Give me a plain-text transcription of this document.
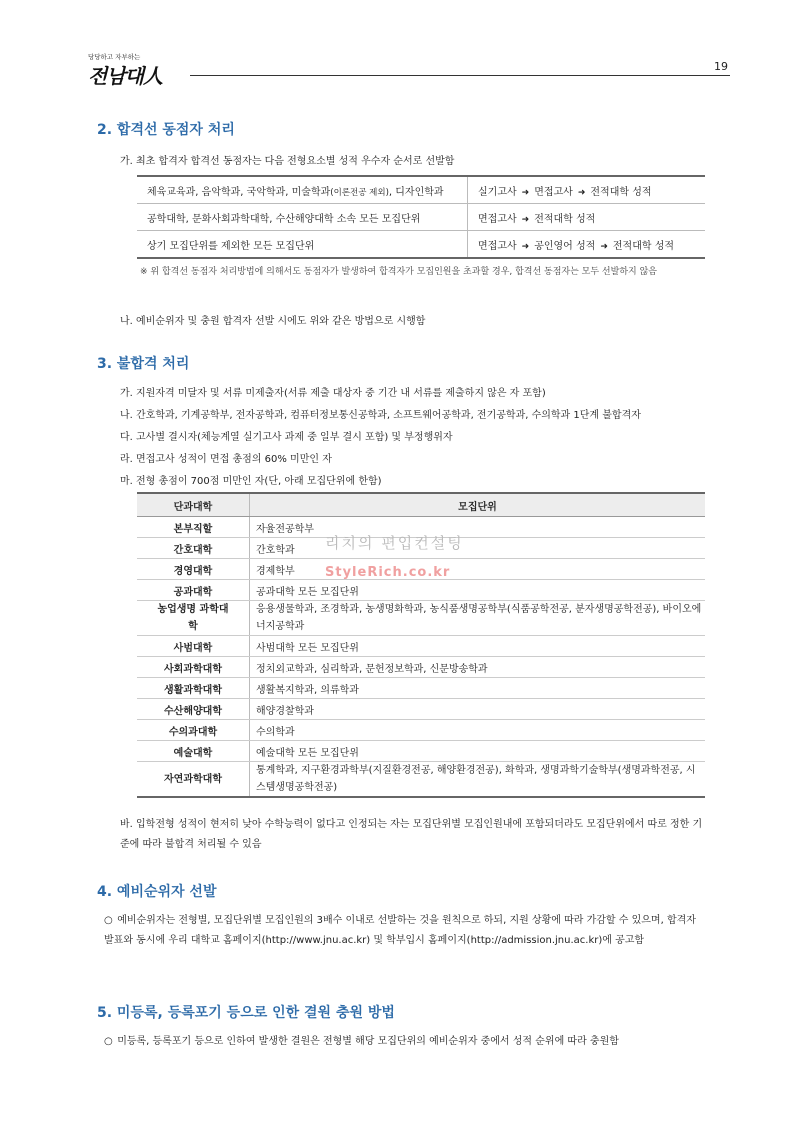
당당하고 자부하는
전남대人	19
2. 합격선 동점자 처리
가. 최초 합격자 합격선 동점자는 다음 전형요소별 성적 우수자 순서로 선발함
체육교육과, 음악학과, 국악학과, 미술학과(이론전공 제외), 디자인학과	실기고사 ➜ 면접고사 ➜ 전적대학 성적
공학대학, 문화사회과학대학, 수산해양대학 소속 모든 모집단위	면접고사 ➜ 전적대학 성적
상기 모집단위를 제외한 모든 모집단위	면접고사 ➜ 공인영어 성적 ➜ 전적대학 성적
※ 위 합격선 동점자 처리방법에 의해서도 동점자가 발생하여 합격자가 모집인원을 초과할 경우, 합격선 동점자는 모두 선발하지 않음
나. 예비순위자 및 충원 합격자 선발 시에도 위와 같은 방법으로 시행함
3. 불합격 처리
가. 지원자격 미달자 및 서류 미제출자(서류 제출 대상자 중 기간 내 서류를 제출하지 않은 자 포함)
나. 간호학과, 기계공학부, 전자공학과, 컴퓨터정보통신공학과, 소프트웨어공학과, 전기공학과, 수의학과 1단계 불합격자
다. 고사별 결시자(체능계열 실기고사 과제 중 일부 결시 포함) 및 부정행위자
라. 면접고사 성적이 면접 총점의 60% 미만인 자
마. 전형 총점이 700점 미만인 자(단, 아래 모집단위에 한함)
단과대학	모집단위
본부직할	자율전공학부
간호대학	간호학과
경영대학	경제학부
공과대학	공과대학 모든 모집단위
농업생명 과학대학	응용생물학과, 조경학과, 농생명화학과, 농식품생명공학부(식품공학전공, 분자생명공학전공), 바이오에너지공학과
사범대학	사범대학 모든 모집단위
사회과학대학	정치외교학과, 심리학과, 문헌정보학과, 신문방송학과
생활과학대학	생활복지학과, 의류학과
수산해양대학	해양경찰학과
수의과대학	수의학과
예술대학	예술대학 모든 모집단위
자연과학대학	통계학과, 지구환경과학부(지질환경전공, 해양환경전공), 화학과, 생명과학기술학부(생명과학전공, 시스템생명공학전공)
리치의 편입컨설팅
StyleRich.co.kr
바. 입학전형 성적이 현저히 낮아 수학능력이 없다고 인정되는 자는 모집단위별 모집인원내에 포함되더라도 모집단위에서 따로 정한 기준에 따라 불합격 처리될 수 있음
4. 예비순위자 선발
○ 예비순위자는 전형별, 모집단위별 모집인원의 3배수 이내로 선발하는 것을 원칙으로 하되, 지원 상황에 따라 가감할 수 있으며, 합격자 발표와 동시에 우리 대학교 홈페이지(http://www.jnu.ac.kr) 및 학부입시 홈페이지(http://admission.jnu.ac.kr)에 공고함
5. 미등록, 등록포기 등으로 인한 결원 충원 방법
○ 미등록, 등록포기 등으로 인하여 발생한 결원은 전형별 해당 모집단위의 예비순위자 중에서 성적 순위에 따라 충원함
